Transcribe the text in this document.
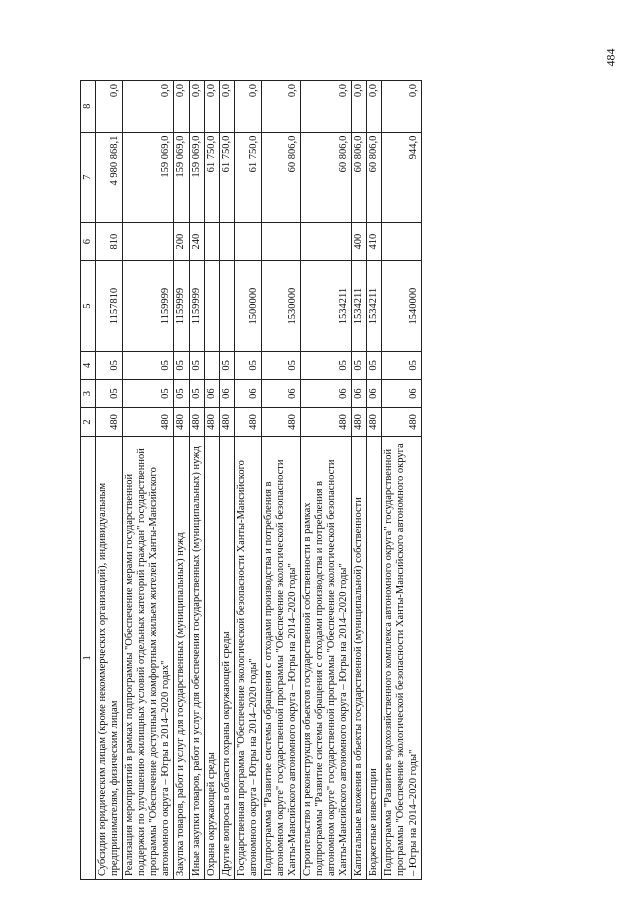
484
1	2	3	4	5	6	7	8
Субсидии юридическим лицам (кроме некоммерческих организаций), индивидуальным предпринимателям, физическим лицам	480	05	05	1157810	810	4 980 868,1	0,0
Реализация мероприятий в рамках подпрограммы "Обеспечение мерами государственной поддержки по улучшению жилищных условий отдельных категорий граждан" государственной программы "Обеспечение доступным и комфортным жильем жителей Ханты-Мансийского автономного округа – Югры в 2014–2020 годах"	480	05	05	1159999		159 069,0	0,0
Закупка товаров, работ и услуг для государственных (муниципальных) нужд	480	05	05	1159999	200	159 069,0	0,0
Иные закупки товаров, работ и услуг для обеспечения государственных (муниципальных) нужд	480	05	05	1159999	240	159 069,0	0,0
Охрана окружающей среды	480	06				61 750,0	0,0
Другие вопросы в области охраны окружающей среды	480	06	05			61 750,0	0,0
Государственная программа "Обеспечение экологической безопасности Ханты-Мансийского автономного округа – Югры на 2014–2020 годы"	480	06	05	1500000		61 750,0	0,0
Подпрограмма "Развитие системы обращения с отходами производства и потребления в автономном округе" государственной программы "Обеспечение экологической безопасности Ханты-Мансийского автономного округа – Югры на 2014–2020 годы"	480	06	05	1530000		60 806,0	0,0
Строительство и реконструкция объектов государственной собственности в рамках подпрограммы "Развитие системы обращения с отходами производства и потребления в автономном округе" государственной программы "Обеспечение экологической безопасности Ханты-Мансийского автономного округа – Югры на 2014–2020 годы"	480	06	05	1534211		60 806,0	0,0
Капитальные вложения в объекты государственной (муниципальной) собственности	480	06	05	1534211	400	60 806,0	0,0
Бюджетные инвестиции	480	06	05	1534211	410	60 806,0	0,0
Подпрограмма "Развитие водохозяйственного комплекса автономного округа" государственной программы "Обеспечение экологической безопасности Ханты-Мансийского автономного округа – Югры на 2014–2020 годы"	480	06	05	1540000		944,0	0,0
